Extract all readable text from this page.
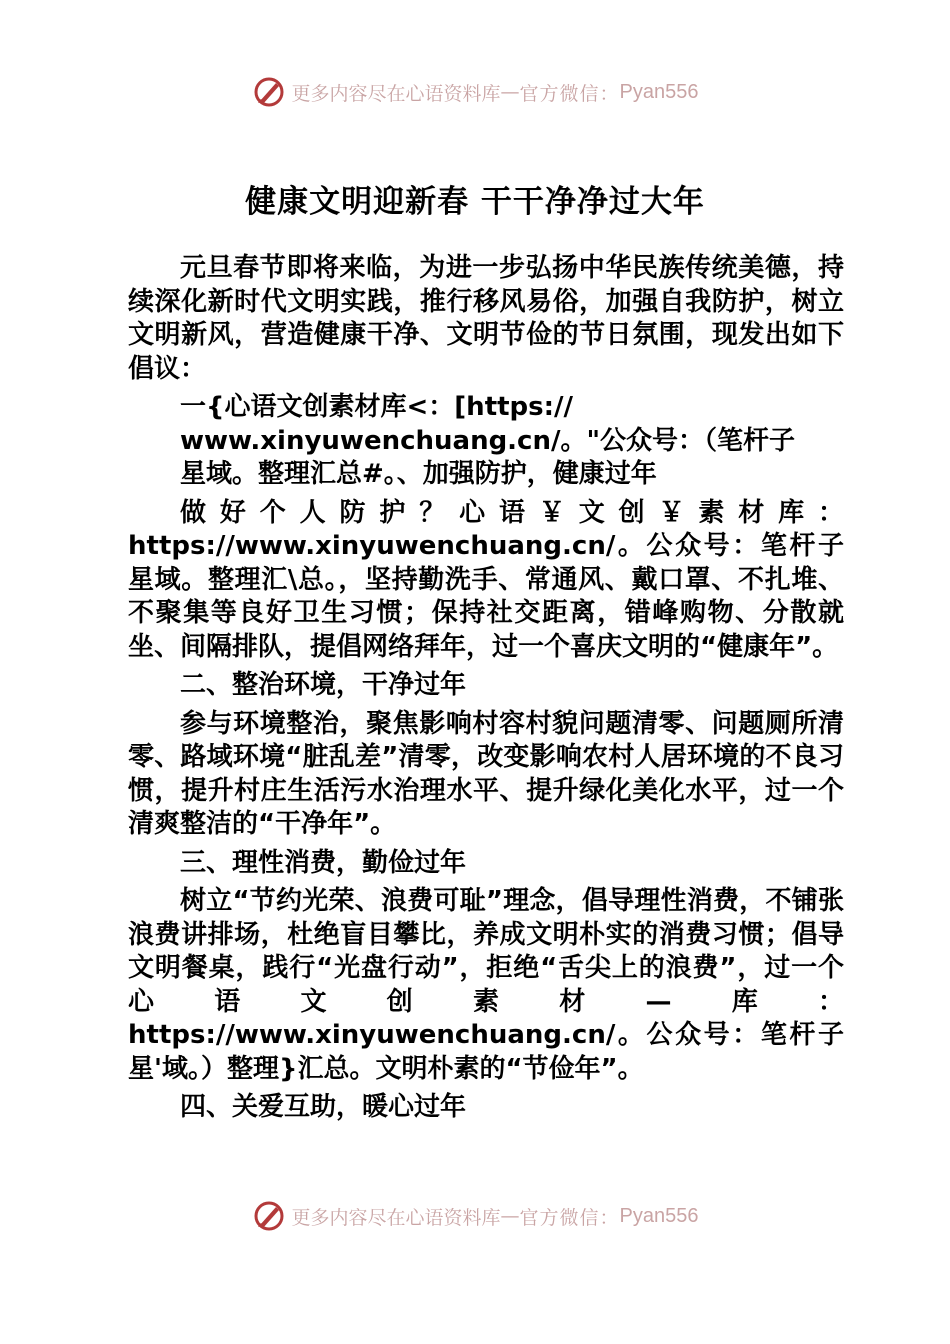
更多内容尽在心语资料库 — 官方微信： Pyan556
健康文明迎新春 干干净净过大年

元旦春节即将来临，为进一步弘扬中华民族传统美德，持续深化新时代文明实践，推行移风易俗，加强自我防护，树立文明新风，营造健康干净、文明节俭的节日氛围，现发出如下倡议：

一{心语文创素材库<：[https://
www.xinyuwenchuang.cn/。"公众号：（笔杆子
星域。整理汇总#。、加强防护，健康过年

做好个人防护？心语￥文创￥素材库：https://www.xinyuwenchuang.cn/。公众号：笔杆子星域。整理汇\总。，坚持勤洗手、常通风、戴口罩、不扎堆、不聚集等良好卫生习惯；保持社交距离，错峰购物、分散就坐、间隔排队，提倡网络拜年，过一个喜庆文明的“健康年”。

二、整治环境，干净过年

参与环境整治，聚焦影响村容村貌问题清零、问题厕所清零、路域环境“脏乱差”清零，改变影响农村人居环境的不良习惯，提升村庄生活污水治理水平、提升绿化美化水平，过一个清爽整洁的“干净年”。

三、理性消费，勤俭过年

树立“节约光荣、浪费可耻”理念，倡导理性消费，不铺张浪费讲排场，杜绝盲目攀比，养成文明朴实的消费习惯；倡导文明餐桌，践行“光盘行动”，拒绝“舌尖上的浪费”，过一个心语文创素材—库：https://www.xinyuwenchuang.cn/。公众号：笔杆子星'域。）整理}汇总。文明朴素的“节俭年”。

四、关爱互助，暖心过年

更多内容尽在心语资料库 — 官方微信： Pyan556
